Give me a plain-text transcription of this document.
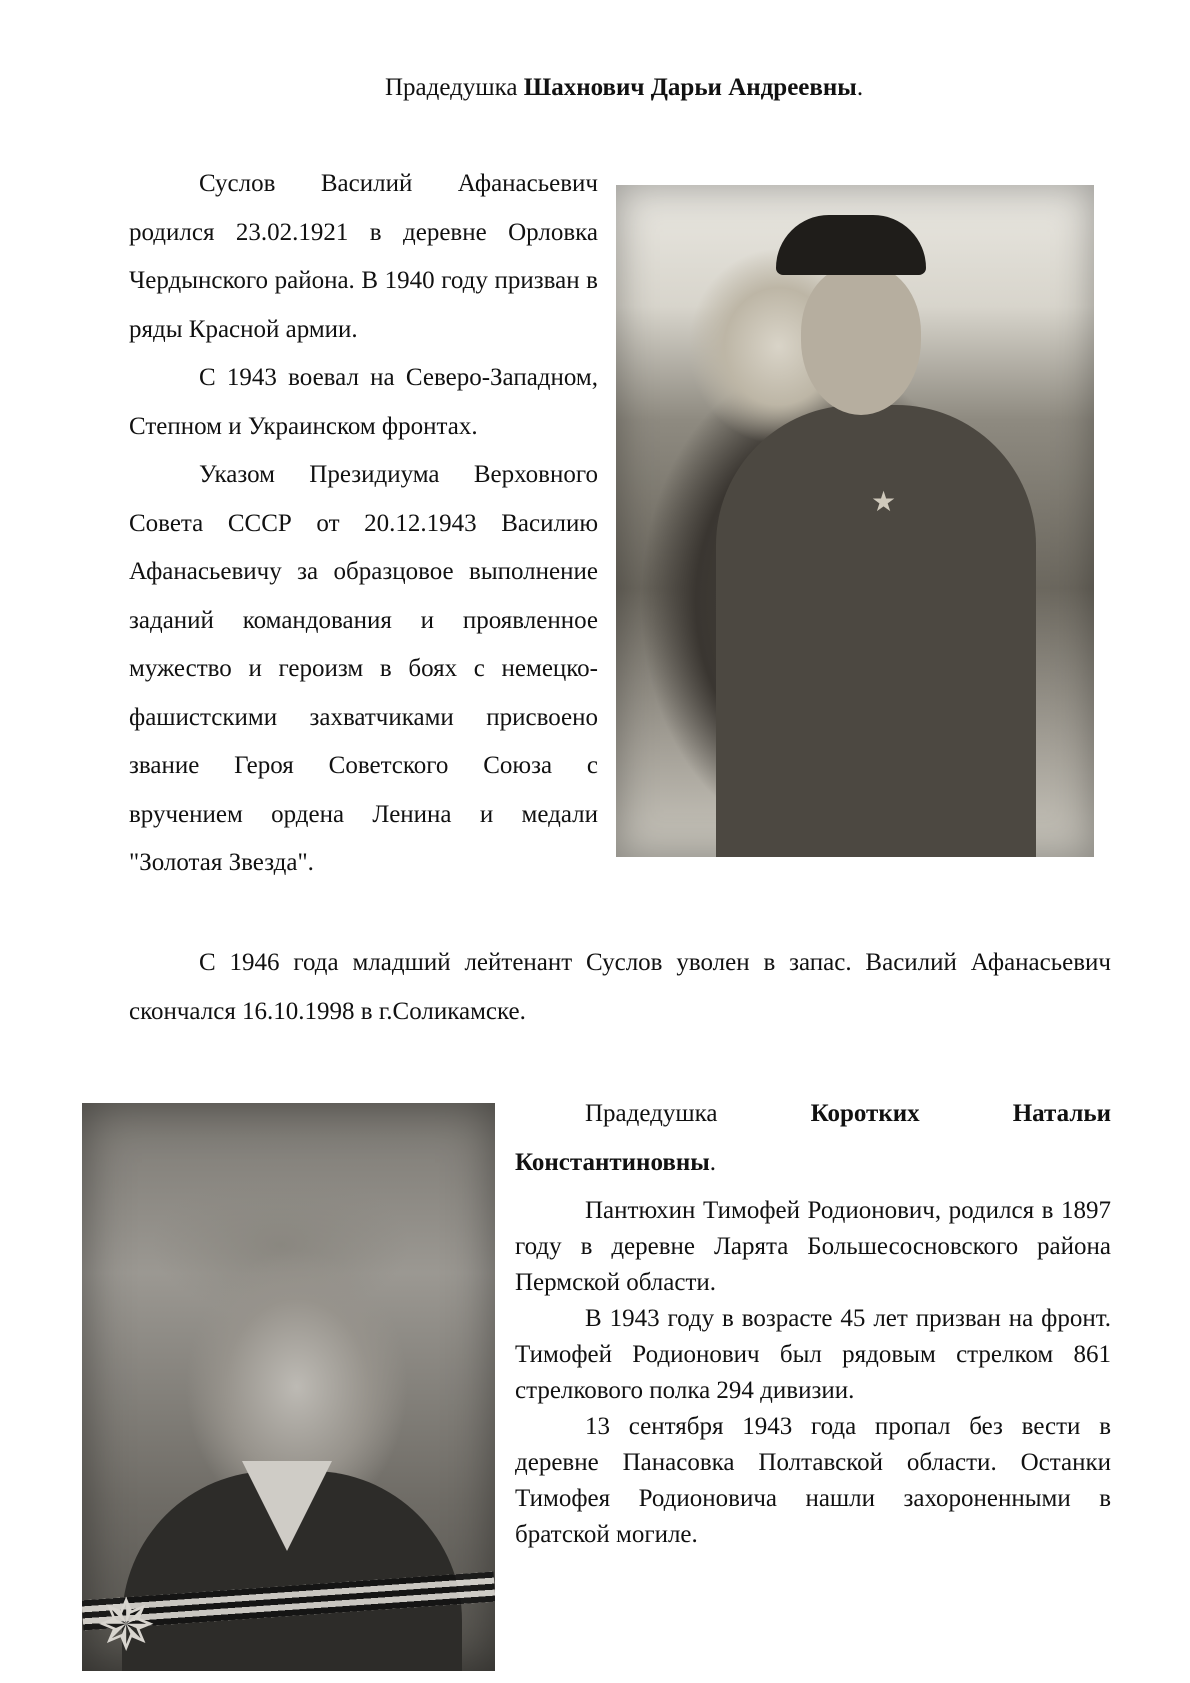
Прадедушка Шахнович Дарьи Андреевны.

Суслов Василий Афанасьевич родился 23.02.1921 в деревне Орловка Чердынского района. В 1940 году призван в ряды Красной армии.

С 1943 воевал на Северо-Западном, Степном и Украинском фронтах.

Указом Президиума Верховного Совета СССР от 20.12.1943 Василию Афанасьевичу за образцовое выполнение заданий командования и проявленное мужество и героизм в боях с немецко-фашистскими захватчиками присвоено звание Героя Советского Союза с вручением ордена Ленина и медали "Золотая Звезда".

★

С 1946 года младший лейтенант Суслов уволен в запас. Василий Афанасьевич скончался 16.10.1998 в г.Соликамске.

✵

Прадедушка Коротких Натальи

Константиновны.

Пантюхин Тимофей Родионович, родился в 1897 году в деревне Ларята Большесосновского района Пермской области.

В 1943 году в возрасте 45 лет призван на фронт. Тимофей Родионович был рядовым стрелком 861 стрелкового полка 294 дивизии.

13 сентября 1943 года пропал без вести в деревне Панасовка Полтавской области. Останки Тимофея Родионовича нашли захороненными в братской могиле.
